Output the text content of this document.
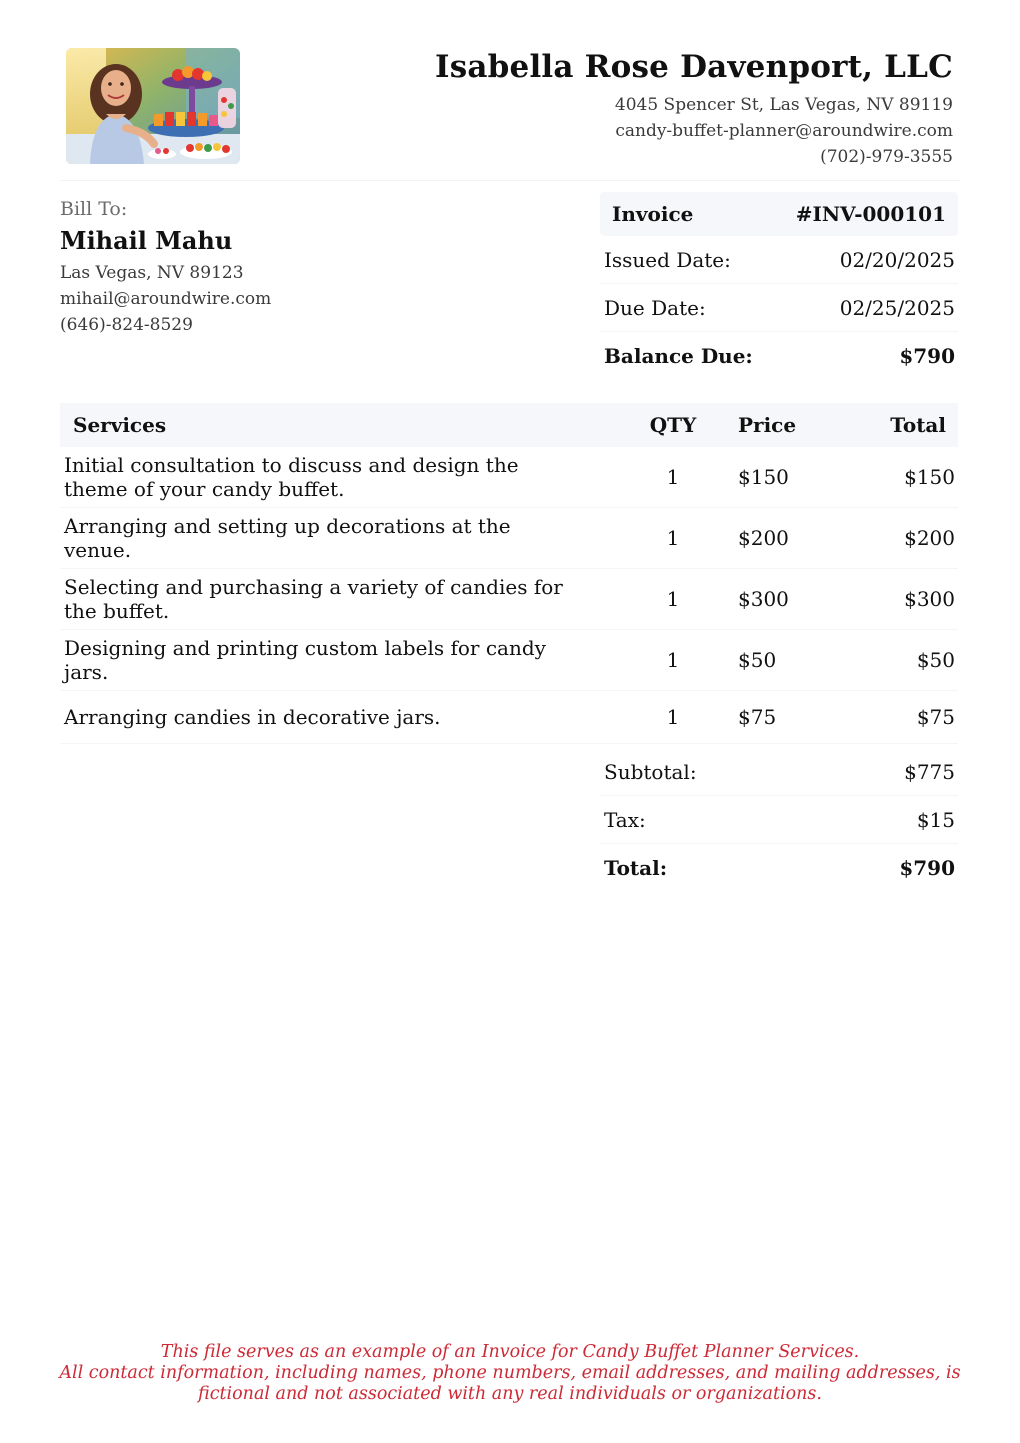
Isabella Rose Davenport, LLC
4045 Spencer St, Las Vegas, NV 89119
candy-buffet-planner@aroundwire.com
(702)-979-3555
Bill To:
Mihail Mahu
Las Vegas, NV 89123
mihail@aroundwire.com
(646)-824-8529
Invoice	#INV-000101
Issued Date:	02/20/2025
Due Date:	02/25/2025
Balance Due:	$790
Services	QTY	Price	Total

Initial consultation to discuss and design the
theme of your candy buffet.	1	$150	$150

Arranging and setting up decorations at the
venue.	1	$200	$200

Selecting and purchasing a variety of candies for
the buffet.	1	$300	$300

Designing and printing custom labels for candy
jars.	1	$50	$50

Arranging candies in decorative jars.	1	$75	$75
Subtotal:	$775
Tax:	$15
Total:	$790
This file serves as an example of an Invoice for Candy Buffet Planner Services.
All contact information, including names, phone numbers, email addresses, and mailing addresses, is
fictional and not associated with any real individuals or organizations.
